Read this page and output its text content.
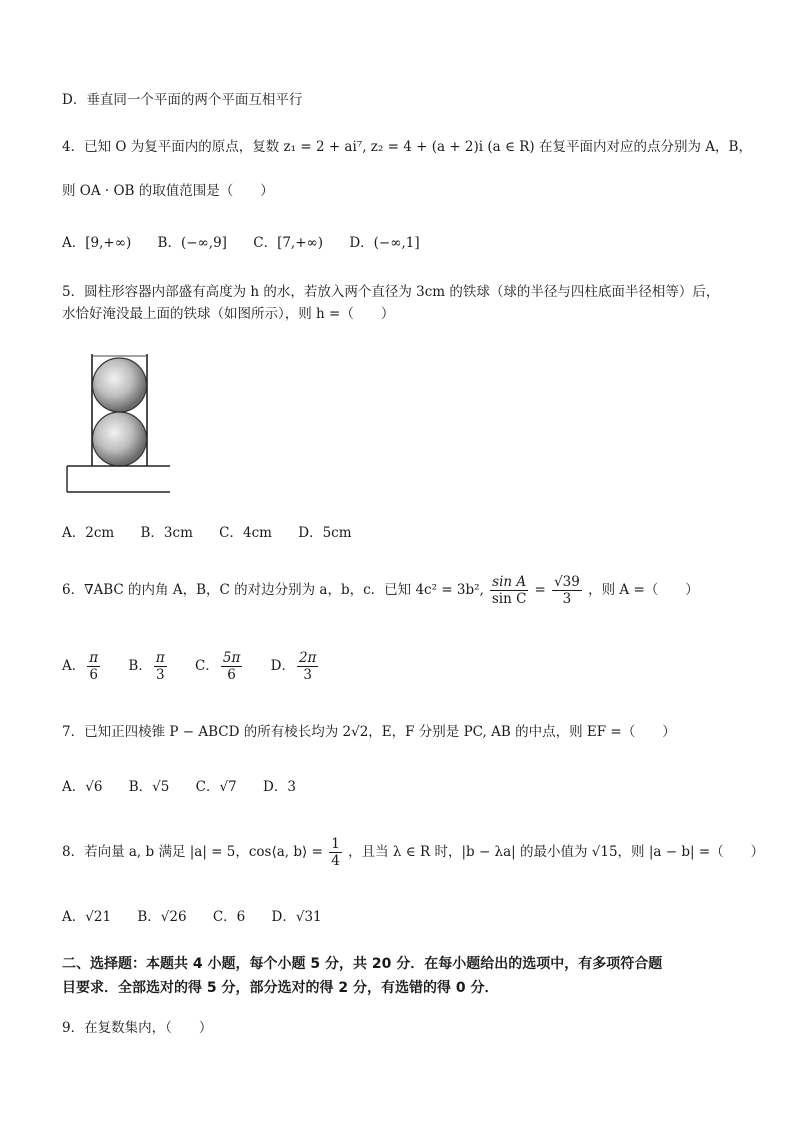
D．垂直同一个平面的两个平面互相平行
4．已知 O 为复平面内的原点，复数 z₁ = 2 + ai⁷, z₂ = 4 + (a + 2)i (a ∈ R) 在复平面内对应的点分别为 A，B，
则 OA · OB 的取值范围是（　　）
A．[9,+∞) B．(−∞,9] C．[7,+∞) D．(−∞,1]
5．圆柱形容器内部盛有高度为 h 的水，若放入两个直径为 3cm 的铁球（球的半径与四柱底面半径相等）后，
水恰好淹没最上面的铁球（如图所示），则 h =（　　）
A．2cm B．3cm C．4cm D．5cm
6．∇ABC 的内角 A，B，C 的对边分别为 a，b，c．已知 4c² = 3b², $\frac{\text{sin A}}{\text{sin C}} = \frac{√39}{3}$ ，则 A =（　　）
A． $\frac{\pi}{6}$ B． $\frac{\pi}{3}$ C． $\frac{5\pi}{6}$ D． $\frac{2\pi}{3}$
7．已知正四棱锥 P − ABCD 的所有棱长均为 2√2，E，F 分别是 PC, AB 的中点，则 EF =（　　）
A．√6 B．√5 C．√7 D．3
8．若向量 a, b 满足 |a| = 5，cos⟨a, b⟩ = $\frac{1}{4}$ ，且当 λ ∈ R 时，|b − λa| 的最小值为 √15，则 |a − b| =（　　）
A．√21 B．√26 C．6 D．√31
二、选择题：本题共 4 小题，每个小题 5 分，共 20 分．在每小题给出的选项中，有多项符合题
目要求．全部选对的得 5 分，部分选对的得 2 分，有选错的得 0 分．
9．在复数集内，（　　）
